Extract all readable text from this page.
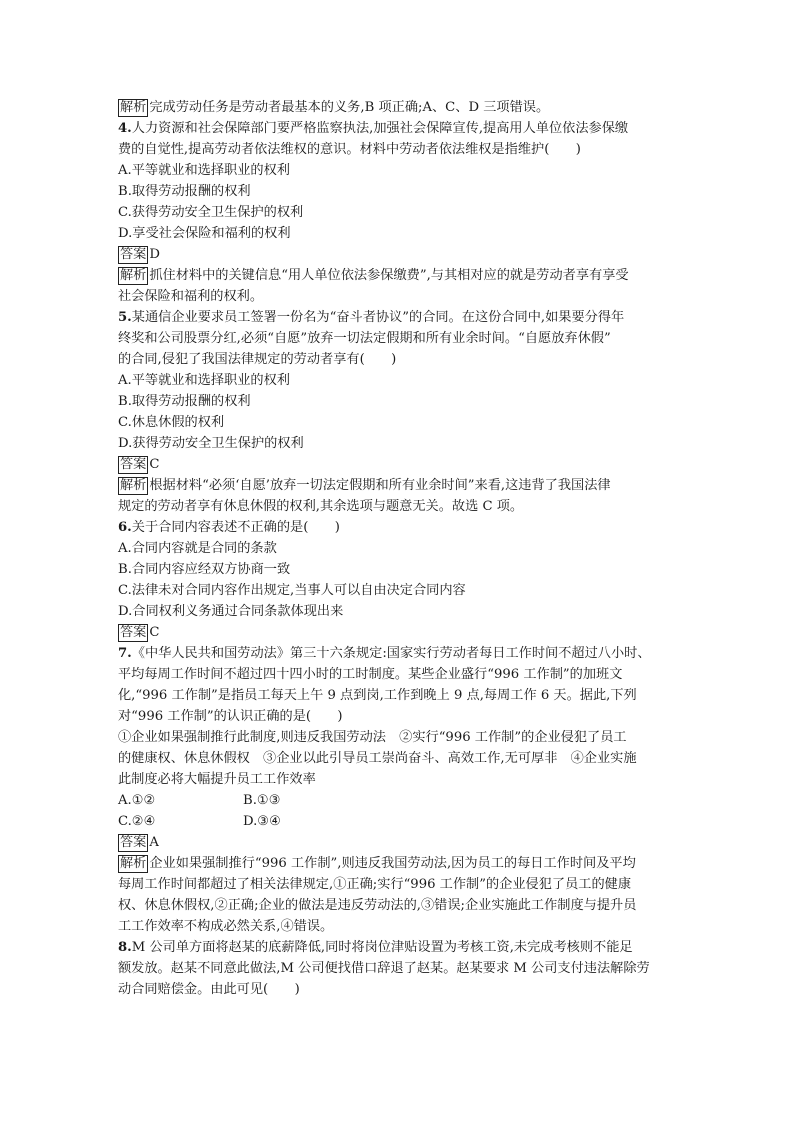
解析 完成劳动任务是劳动者最基本的义务,B 项正确;A、C、D 三项错误。
4.人力资源和社会保障部门要严格监察执法,加强社会保障宣传,提高用人单位依法参保缴
费的自觉性,提高劳动者依法维权的意识。材料中劳动者依法维权是指维护(　　)
A.平等就业和选择职业的权利
B.取得劳动报酬的权利
C.获得劳动安全卫生保护的权利
D.享受社会保险和福利的权利
答案 D
解析 抓住材料中的关键信息“用人单位依法参保缴费”,与其相对应的就是劳动者享有享受
社会保险和福利的权利。
5.某通信企业要求员工签署一份名为“奋斗者协议”的合同。在这份合同中,如果要分得年
终奖和公司股票分红,必须“自愿”放弃一切法定假期和所有业余时间。“自愿放弃休假”
的合同,侵犯了我国法律规定的劳动者享有(　　)
A.平等就业和选择职业的权利
B.取得劳动报酬的权利
C.休息休假的权利
D.获得劳动安全卫生保护的权利
答案 C
解析 根据材料“必须‘自愿’放弃一切法定假期和所有业余时间”来看,这违背了我国法律
规定的劳动者享有休息休假的权利,其余选项与题意无关。故选 C 项。
6.关于合同内容表述不正确的是(　　)
A.合同内容就是合同的条款
B.合同内容应经双方协商一致
C.法律未对合同内容作出规定,当事人可以自由决定合同内容
D.合同权利义务通过合同条款体现出来
答案 C
7.《中华人民共和国劳动法》第三十六条规定:国家实行劳动者每日工作时间不超过八小时、
平均每周工作时间不超过四十四小时的工时制度。某些企业盛行“996 工作制”的加班文
化,“996 工作制”是指员工每天上午 9 点到岗,工作到晚上 9 点,每周工作 6 天。据此,下列
对“996 工作制”的认识正确的是(　　)
①企业如果强制推行此制度,则违反我国劳动法　②实行“996 工作制”的企业侵犯了员工
的健康权、休息休假权　③企业以此引导员工崇尚奋斗、高效工作,无可厚非　④企业实施
此制度必将大幅提升员工工作效率
A.①②	B.①③
C.②④	D.③④
答案 A
解析 企业如果强制推行“996 工作制”,则违反我国劳动法,因为员工的每日工作时间及平均
每周工作时间都超过了相关法律规定,①正确;实行“996 工作制”的企业侵犯了员工的健康
权、休息休假权,②正确;企业的做法是违反劳动法的,③错误;企业实施此工作制度与提升员
工工作效率不构成必然关系,④错误。
8.M 公司单方面将赵某的底薪降低,同时将岗位津贴设置为考核工资,未完成考核则不能足
额发放。赵某不同意此做法,M 公司便找借口辞退了赵某。赵某要求 M 公司支付违法解除劳
动合同赔偿金。由此可见(　　)
